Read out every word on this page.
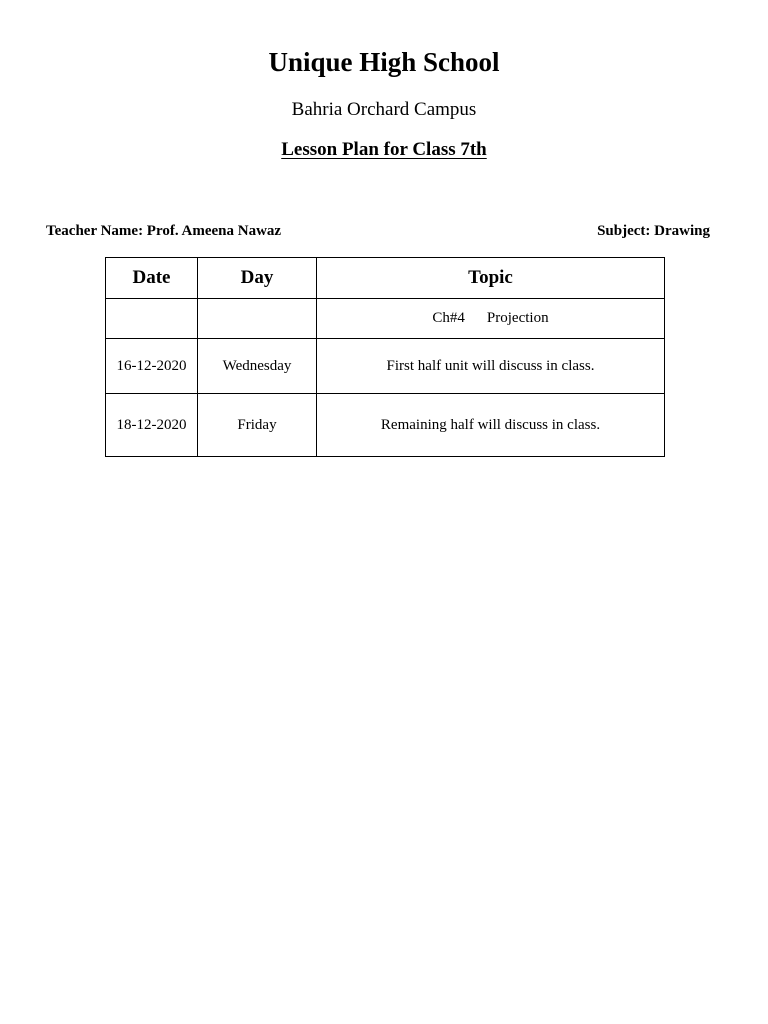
Unique High School
Bahria Orchard Campus
Lesson Plan for Class 7th
Teacher Name: Prof. Ameena Nawaz	Subject: Drawing
Date	Day	Topic
		Ch#4 Projection
16-12-2020	Wednesday	First half unit will discuss in class.
18-12-2020	Friday	Remaining half will discuss in class.
